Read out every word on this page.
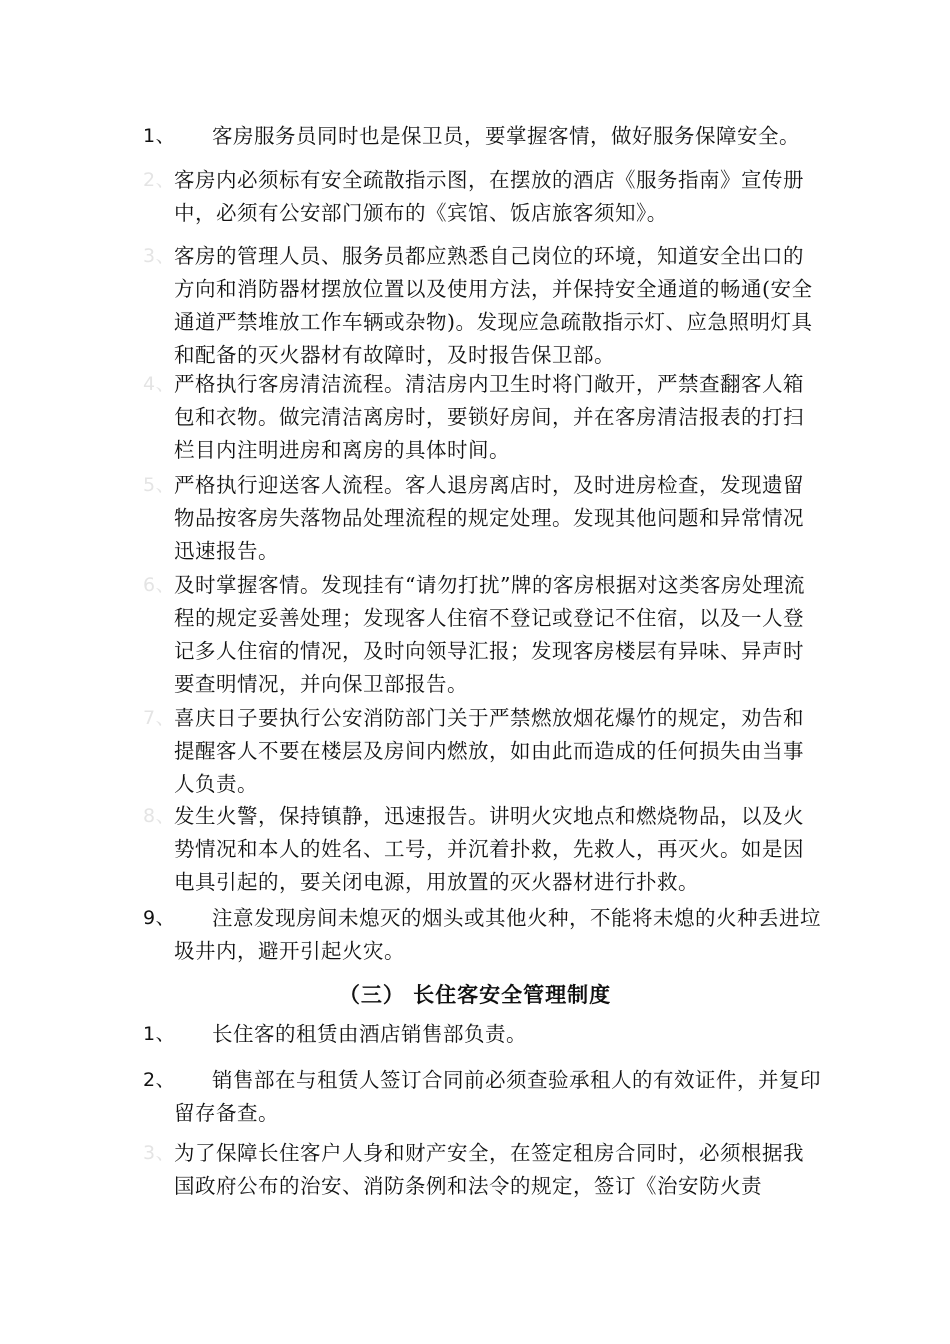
1、	客房服务员同时也是保卫员，要掌握客情，做好服务保障安全。
2、
客房内必须标有安全疏散指示图，在摆放的酒店《服务指南》宣传册中，必须有公安部门颁布的《宾馆、饭店旅客须知》。
3、
客房的管理人员、服务员都应熟悉自己岗位的环境，知道安全出口的方向和消防器材摆放位置以及使用方法，并保持安全通道的畅通(安全通道严禁堆放工作车辆或杂物)。发现应急疏散指示灯、应急照明灯具和配备的灭火器材有故障时，及时报告保卫部。
4、
严格执行客房清洁流程。清洁房内卫生时将门敞开，严禁查翻客人箱包和衣物。做完清洁离房时，要锁好房间，并在客房清洁报表的打扫栏目内注明进房和离房的具体时间。
5、
严格执行迎送客人流程。客人退房离店时，及时进房检查，发现遗留物品按客房失落物品处理流程的规定处理。发现其他问题和异常情况迅速报告。
6、
及时掌握客情。发现挂有“请勿打扰”牌的客房根据对这类客房处理流程的规定妥善处理；发现客人住宿不登记或登记不住宿，以及一人登记多人住宿的情况，及时向领导汇报；发现客房楼层有异味、异声时要查明情况，并向保卫部报告。
7、
喜庆日子要执行公安消防部门关于严禁燃放烟花爆竹的规定，劝告和提醒客人不要在楼层及房间内燃放，如由此而造成的任何损失由当事人负责。
8、
发生火警，保持镇静，迅速报告。讲明火灾地点和燃烧物品，以及火势情况和本人的姓名、工号，并沉着扑救，先救人，再灭火。如是因电具引起的，要关闭电源，用放置的灭火器材进行扑救。
9、	注意发现房间未熄灭的烟头或其他火种，不能将未熄的火种丢进垃圾井内，避开引起火灾。
（三） 长住客安全管理制度
1、	长住客的租赁由酒店销售部负责。
2、	销售部在与租赁人签订合同前必须查验承租人的有效证件，并复印留存备查。
3、
为了保障长住客户人身和财产安全，在签定租房合同时，必须根据我国政府公布的治安、消防条例和法令的规定，签订《治安防火责
